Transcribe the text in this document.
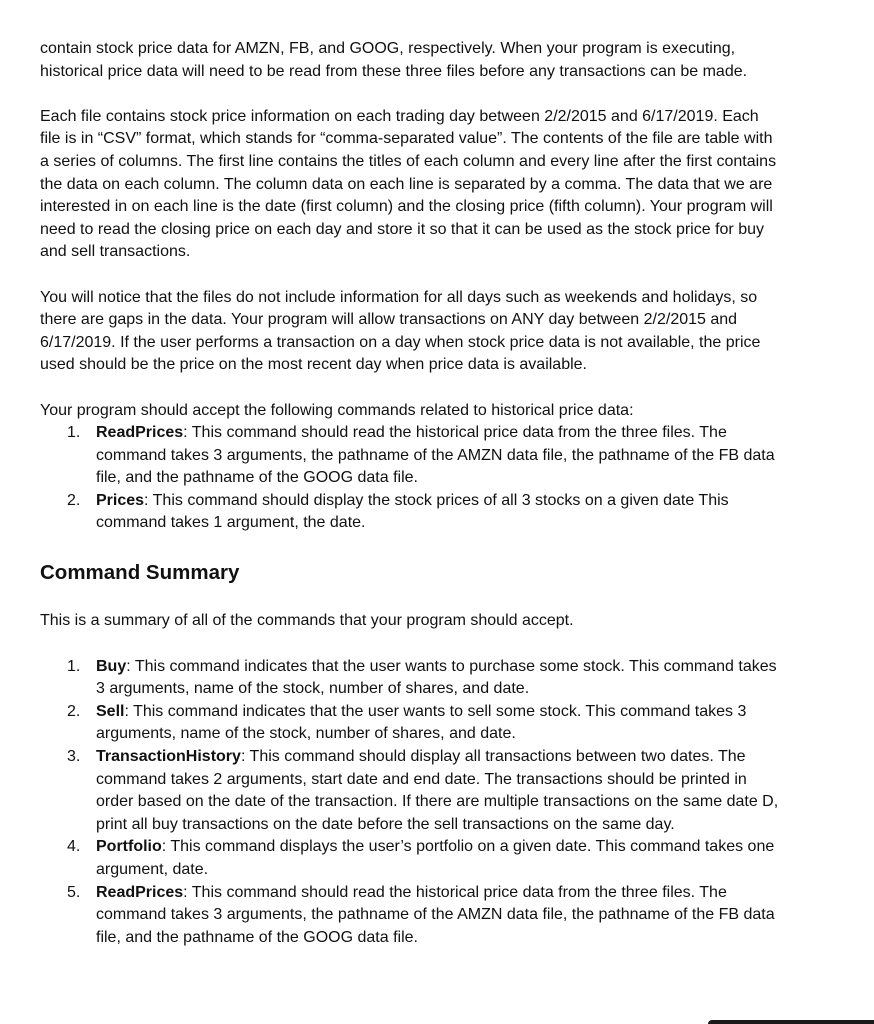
contain stock price data for AMZN, FB, and GOOG, respectively. When your program is executing, historical price data will need to be read from these three files before any transactions can be made.

Each file contains stock price information on each trading day between 2/2/2015 and 6/17/2019. Each file is in “CSV” format, which stands for “comma-separated value”. The contents of the file are table with a series of columns. The first line contains the titles of each column and every line after the first contains the data on each column. The column data on each line is separated by a comma. The data that we are interested in on each line is the date (first column) and the closing price (fifth column). Your program will need to read the closing price on each day and store it so that it can be used as the stock price for buy and sell transactions.

You will notice that the files do not include information for all days such as weekends and holidays, so there are gaps in the data. Your program will allow transactions on ANY day between 2/2/2015 and 6/17/2019. If the user performs a transaction on a day when stock price data is not available, the price used should be the price on the most recent day when price data is available.

Your program should accept the following commands related to historical price data:

1. ReadPrices: This command should read the historical price data from the three files. The command takes 3 arguments, the pathname of the AMZN data file, the pathname of the FB data file, and the pathname of the GOOG data file.
2. Prices: This command should display the stock prices of all 3 stocks on a given date This command takes 1 argument, the date.
Command Summary

This is a summary of all of the commands that your program should accept.

1. Buy: This command indicates that the user wants to purchase some stock. This command takes 3 arguments, name of the stock, number of shares, and date.
2. Sell: This command indicates that the user wants to sell some stock. This command takes 3 arguments, name of the stock, number of shares, and date.
3. TransactionHistory: This command should display all transactions between two dates. The command takes 2 arguments, start date and end date. The transactions should be printed in order based on the date of the transaction. If there are multiple transactions on the same date D, print all buy transactions on the date before the sell transactions on the same day.
4. Portfolio: This command displays the user’s portfolio on a given date. This command takes one argument, date.
5. ReadPrices: This command should read the historical price data from the three files. The command takes 3 arguments, the pathname of the AMZN data file, the pathname of the FB data file, and the pathname of the GOOG data file.
